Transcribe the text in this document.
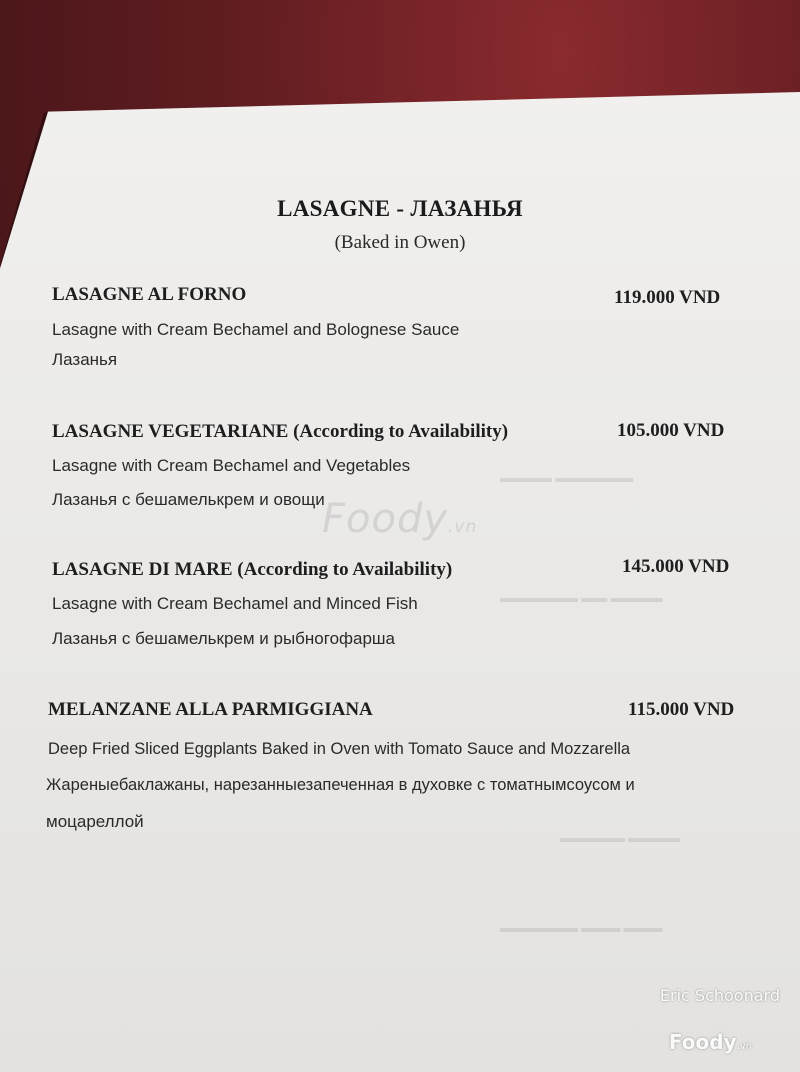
▬▬▬▬ ▬▬▬▬▬▬
▬▬▬▬▬▬ ▬▬ ▬▬▬▬
▬▬▬▬▬ ▬▬▬▬
▬▬▬▬▬▬ ▬▬▬ ▬▬▬
LASAGNE - ЛАЗАНЬЯ
(Baked in Owen)
LASAGNE AL FORNO	119.000 VND
Lasagne with Cream Bechamel and Bolognese Sauce
Лазанья
LASAGNE VEGETARIANE (According to Availability)	105.000 VND
Lasagne with Cream Bechamel and Vegetables
Лазанья с бешамелькрем и овощи
LASAGNE DI MARE (According to Availability)	145.000 VND
Lasagne with Cream Bechamel and Minced Fish
Лазанья с бешамелькрем и рыбногофарша
MELANZANE ALLA PARMIGGIANA	115.000 VND
Deep Fried Sliced Eggplants Baked in Oven with Tomato Sauce and Mozzarella
Жареныебаклажаны, нарезанныезапеченная в духовке с томатнымсоусом и
моцареллой
Foody.vn
Eric Schoonard
Foody.vn
